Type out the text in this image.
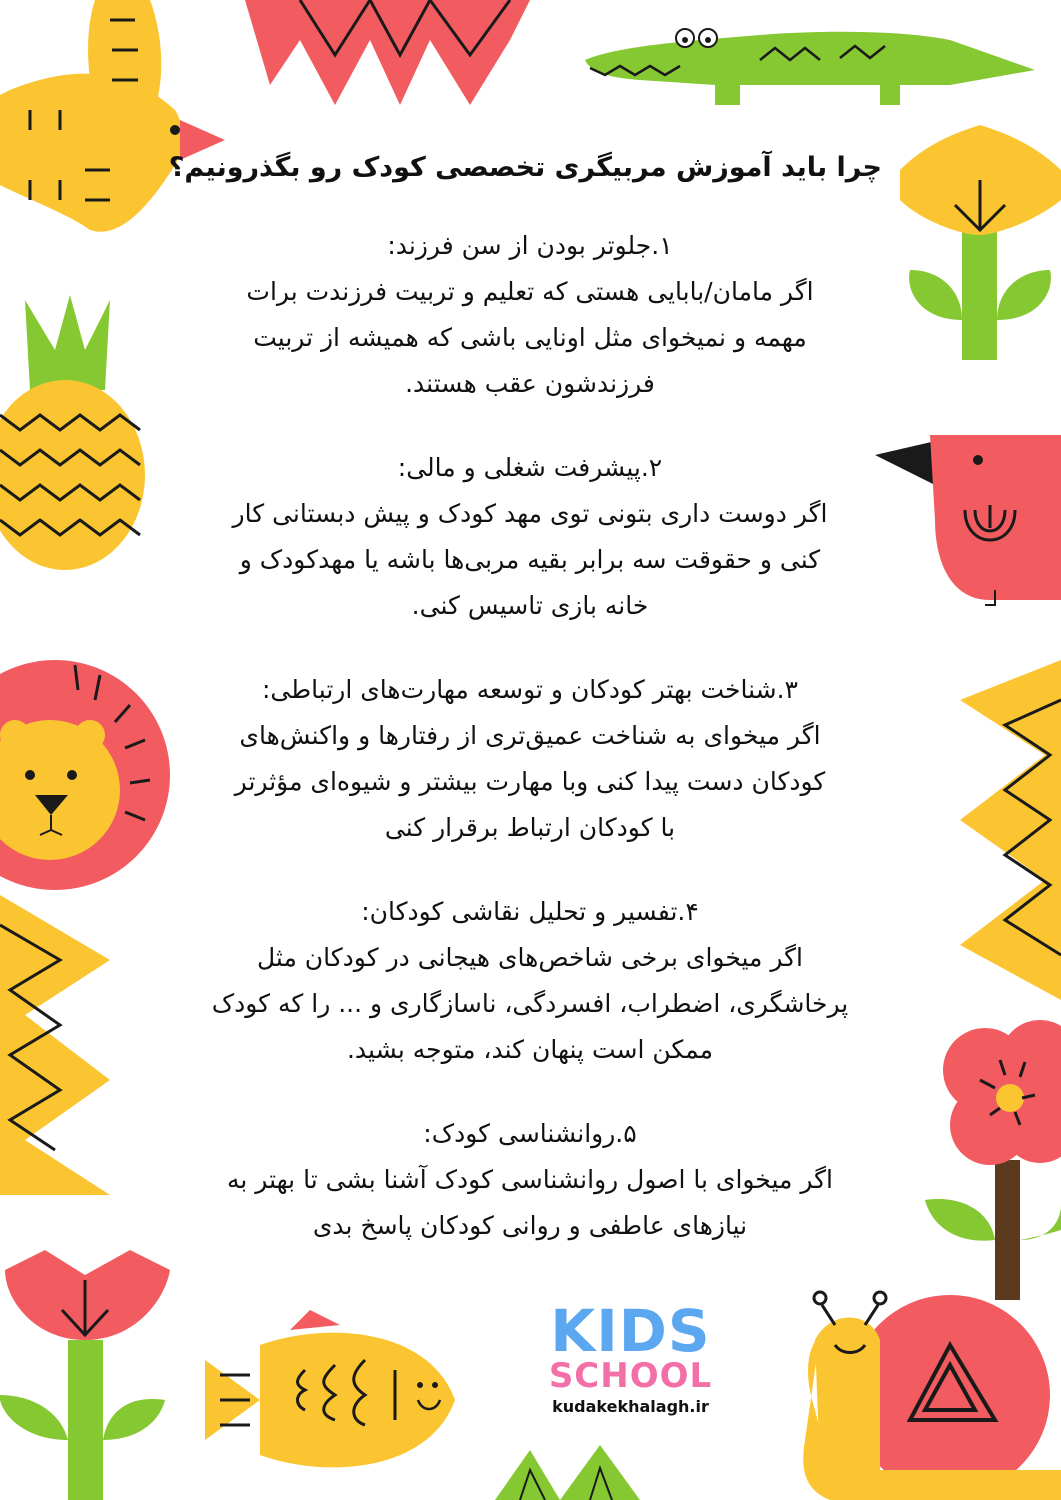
چرا باید آموزش مربیگری تخصصی کودک رو بگذرونیم؟

۱.جلوتر بودن از سن فرزند:

اگر مامان/بابایی هستی که تعلیم و تربیت فرزندت برات

مهمه و نمیخوای مثل اونایی باشی که همیشه از تربیت

فرزندشون عقب هستند.

۲.پیشرفت شغلی و مالی:

اگر دوست داری بتونی توی مهد کودک و پیش دبستانی کار

کنی و حقوقت سه برابر بقیه مربی‌ها باشه یا مهدکودک و

خانه بازی تاسیس کنی.

۳.شناخت بهتر کودکان و توسعه مهارت‌های ارتباطی:

اگر میخوای به شناخت عمیق‌تری از رفتارها و واکنش‌های

کودکان دست پیدا کنی وبا مهارت بیشتر و شیوه‌ای مؤثرتر

با کودکان ارتباط برقرار کنی

۴.تفسیر و تحلیل نقاشی کودکان:

اگر میخوای برخی شاخص‌های هیجانی در کودکان مثل

پرخاشگری، اضطراب، افسردگی، ناسازگاری و ... را که کودک

ممکن است پنهان کند، متوجه بشید.

۵.روانشناسی کودک:

اگر میخوای با اصول روانشناسی کودک آشنا بشی تا بهتر به

نیازهای عاطفی و روانی کودکان پاسخ بدی

KIDS
SCHOOL
kudakekhalagh.ir
